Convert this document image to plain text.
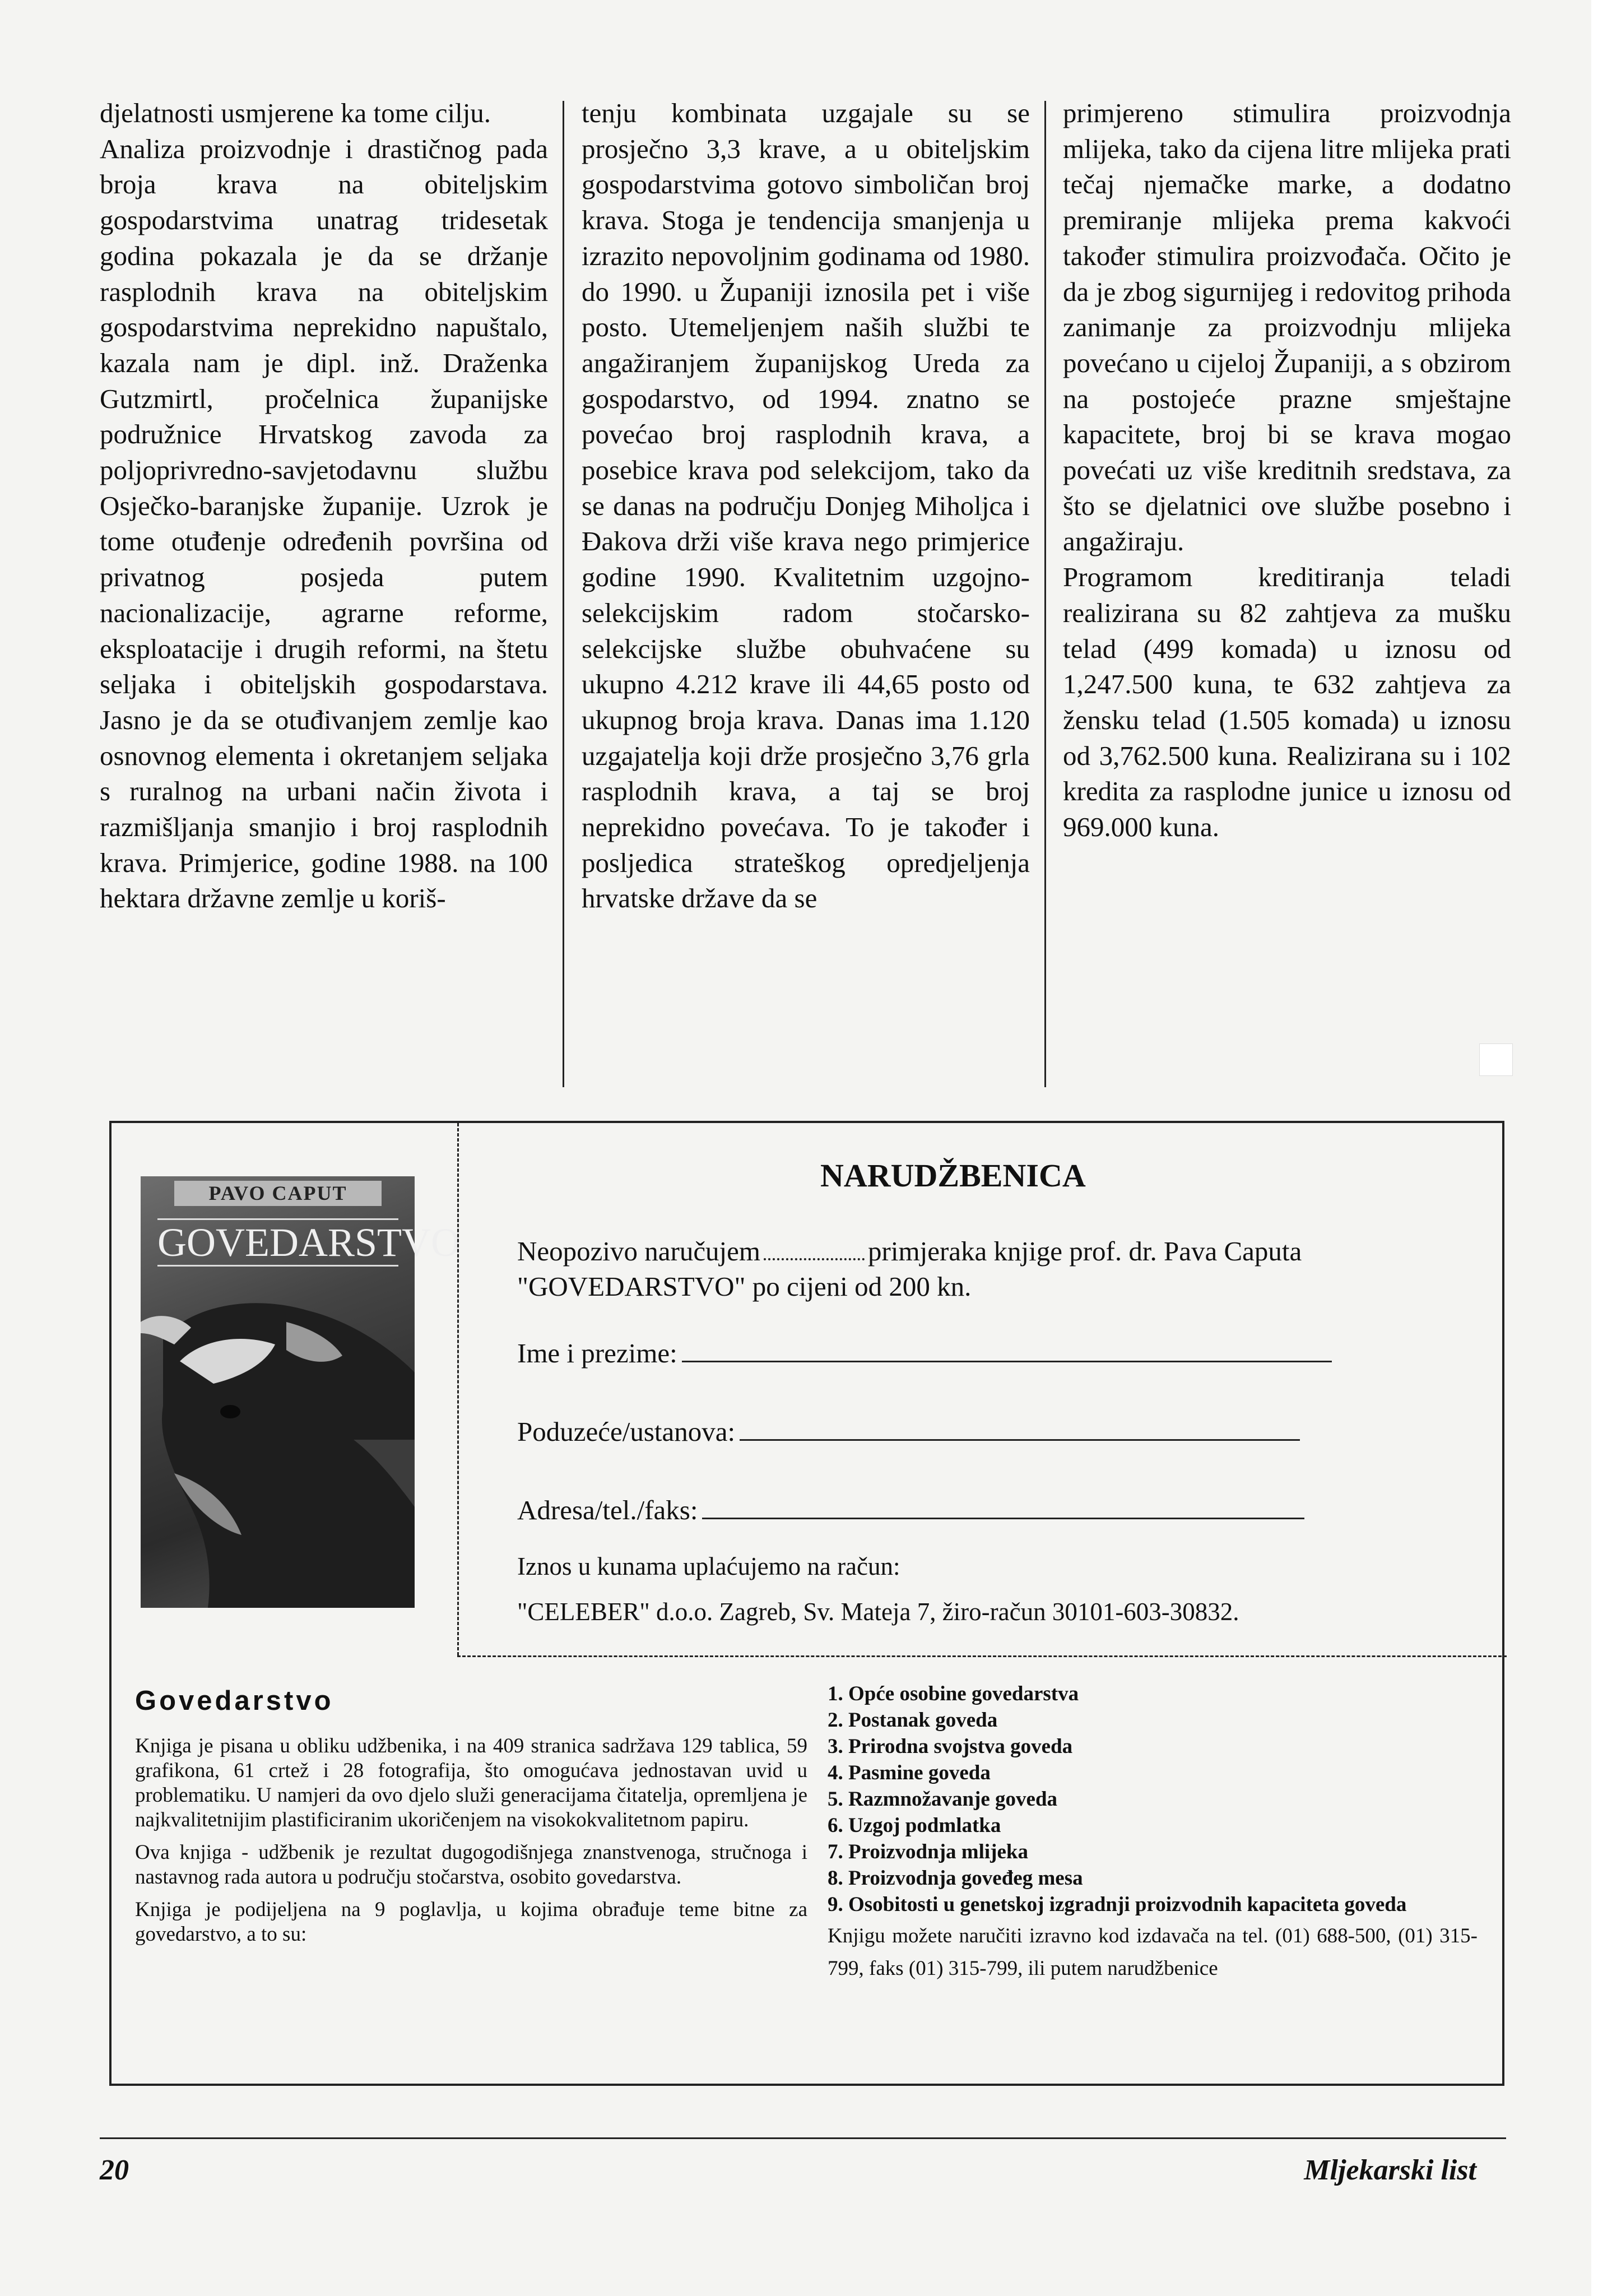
djelatnosti usmjerene ka tome cilju.

Analiza proizvodnje i drastičnog pada broja krava na obiteljskim gospodarstvima unatrag tridesetak godina pokazala je da se držanje rasplodnih krava na obiteljskim gospodarstvima neprekidno napuštalo, kazala nam je dipl. inž. Draženka Gutzmirtl, pročelnica županijske podružnice Hrvatskog zavoda za poljoprivredno-savjetodavnu službu Osječko-baranjske županije. Uzrok je tome otuđenje određenih površina od privatnog posjeda putem nacionalizacije, agrarne reforme, eksploatacije i drugih reformi, na štetu seljaka i obiteljskih gospodarstava. Jasno je da se otuđivanjem zemlje kao osnovnog elementa i okretanjem seljaka s ruralnog na urbani način života i razmišljanja smanjio i broj rasplodnih krava. Primjerice, godine 1988. na 100 hektara državne zemlje u koriš-

tenju kombinata uzgajale su se prosječno 3,3 krave, a u obiteljskim gospodarstvima gotovo simboličan broj krava. Stoga je tendencija smanjenja u izrazito nepovoljnim godinama od 1980. do 1990. u Županiji iznosila pet i više posto. Utemeljenjem naših službi te angažiranjem županijskog Ureda za gospodarstvo, od 1994. znatno se povećao broj rasplodnih krava, a posebice krava pod selekcijom, tako da se danas na području Donjeg Miholjca i Đakova drži više krava nego primjerice godine 1990. Kvalitetnim uzgojno-selekcijskim radom stočarsko-selekcijske službe obuhvaćene su ukupno 4.212 krave ili 44,65 posto od ukupnog broja krava. Danas ima 1.120 uzgajatelja koji drže prosječno 3,76 grla rasplodnih krava, a taj se broj neprekidno povećava. To je također i posljedica strateškog opredjeljenja hrvatske države da se

primjereno stimulira proizvodnja mlijeka, tako da cijena litre mlijeka prati tečaj njemačke marke, a dodatno premiranje mlijeka prema kakvoći također stimulira proizvođača. Očito je da je zbog sigurnijeg i redovitog prihoda zanimanje za proizvodnju mlijeka povećano u cijeloj Županiji, a s obzirom na postojeće prazne smještajne kapacitete, broj bi se krava mogao povećati uz više kreditnih sredstava, za što se djelatnici ove službe posebno i angažiraju.

Programom kreditiranja teladi realizirana su 82 zahtjeva za mušku telad (499 komada) u iznosu od 1,247.500 kuna, te 632 zahtjeva za žensku telad (1.505 komada) u iznosu od 3,762.500 kuna. Realizirana su i 102 kredita za rasplodne junice u iznosu od 969.000 kuna.

PAVO CAPUT
GOVEDARSTVO
NARUDŽBENICA
Neopozivo naručujem	primjeraka knjige prof. dr. Pava Caputa
"GOVEDARSTVO" po cijeni od 200 kn.
Ime i prezime:
Poduzeće/ustanova:
Adresa/tel./faks:
Iznos u kunama uplaćujemo na račun:
"CELEBER" d.o.o. Zagreb, Sv. Mateja 7, žiro-račun 30101-603-30832.
Govedarstvo

Knjiga je pisana u obliku udžbenika, i na 409 stranica sadržava 129 tablica, 59 grafikona, 61 crtež i 28 fotografija, što omogućava jednostavan uvid u problematiku. U namjeri da ovo djelo služi generacijama čitatelja, opremljena je najkvalitetnijim plastificiranim ukoričenjem na visokokvalitetnom papiru.

Ova knjiga - udžbenik je rezultat dugogodišnjega znanstvenoga, stručnoga i nastavnog rada autora u području stočarstva, osobito govedarstva.

Knjiga je podijeljena na 9 poglavlja, u kojima obrađuje teme bitne za govedarstvo, a to su:

1. Opće osobine govedarstva
2. Postanak goveda
3. Prirodna svojstva goveda
4. Pasmine goveda
5. Razmnožavanje goveda
6. Uzgoj podmlatka
7. Proizvodnja mlijeka
8. Proizvodnja goveđeg mesa
9. Osobitosti u genetskoj izgradnji proizvodnih kapaciteta goveda
Knjigu možete naručiti izravno kod izdavača na tel. (01) 688-500, (01) 315-799, faks (01) 315-799, ili putem narudžbenice
20	Mljekarski list
